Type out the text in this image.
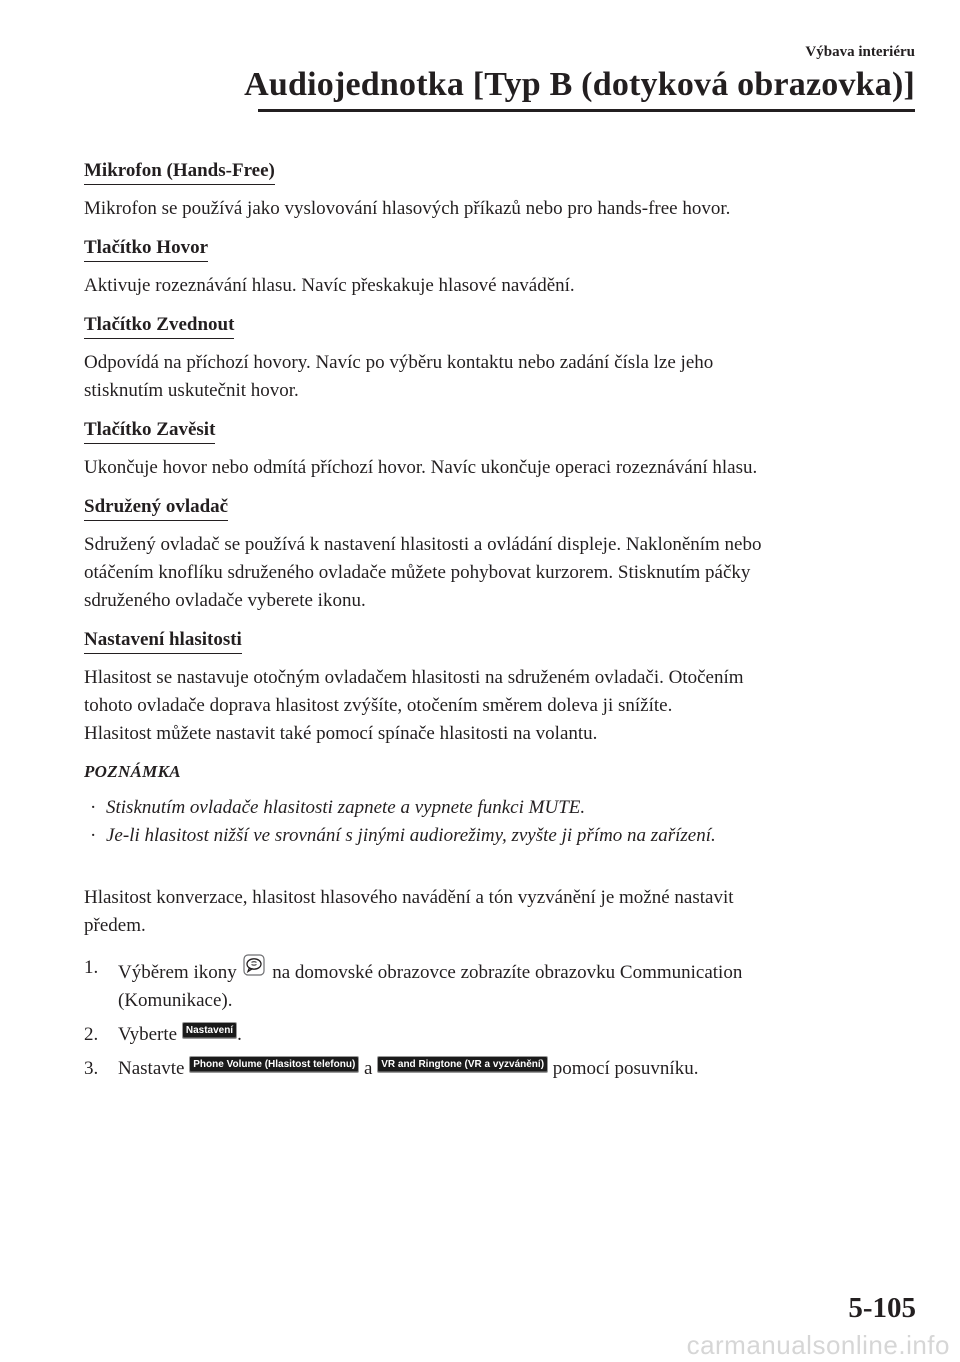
Výbava interiéru
Audiojednotka [Typ B (dotyková obrazovka)]
Mikrofon (Hands-Free)
Mikrofon se používá jako vyslovování hlasových příkazů nebo pro hands-free hovor.
Tlačítko Hovor
Aktivuje rozeznávání hlasu. Navíc přeskakuje hlasové navádění.
Tlačítko Zvednout
Odpovídá na příchozí hovory. Navíc po výběru kontaktu nebo zadání čísla lze jeho
stisknutím uskutečnit hovor.
Tlačítko Zavěsit
Ukončuje hovor nebo odmítá příchozí hovor. Navíc ukončuje operaci rozeznávání hlasu.
Sdružený ovladač
Sdružený ovladač se používá k nastavení hlasitosti a ovládání displeje. Nakloněním nebo
otáčením knoflíku sdruženého ovladače můžete pohybovat kurzorem. Stisknutím páčky
sdruženého ovladače vyberete ikonu.
Nastavení hlasitosti
Hlasitost se nastavuje otočným ovladačem hlasitosti na sdruženém ovladači. Otočením
tohoto ovladače doprava hlasitost zvýšíte, otočením směrem doleva ji snížíte.
Hlasitost můžete nastavit také pomocí spínače hlasitosti na volantu.
POZNÁMKA
· Stisknutím ovladače hlasitosti zapnete a vypnete funkci MUTE.
· Je-li hlasitost nižší ve srovnání s jinými audiorežimy, zvyšte ji přímo na zařízení.
Hlasitost konverzace, hlasitost hlasového navádění a tón vyzvánění je možné nastavit
předem.
1. Výběrem ikony na domovské obrazovce zobrazíte obrazovku Communication
(Komunikace).
2. Vyberte Nastavení .
3. Nastavte Phone Volume (Hlasitost telefonu) a VR and Ringtone (VR a vyzvánění) pomocí posuvníku.
5-105
carmanualsonline.info
